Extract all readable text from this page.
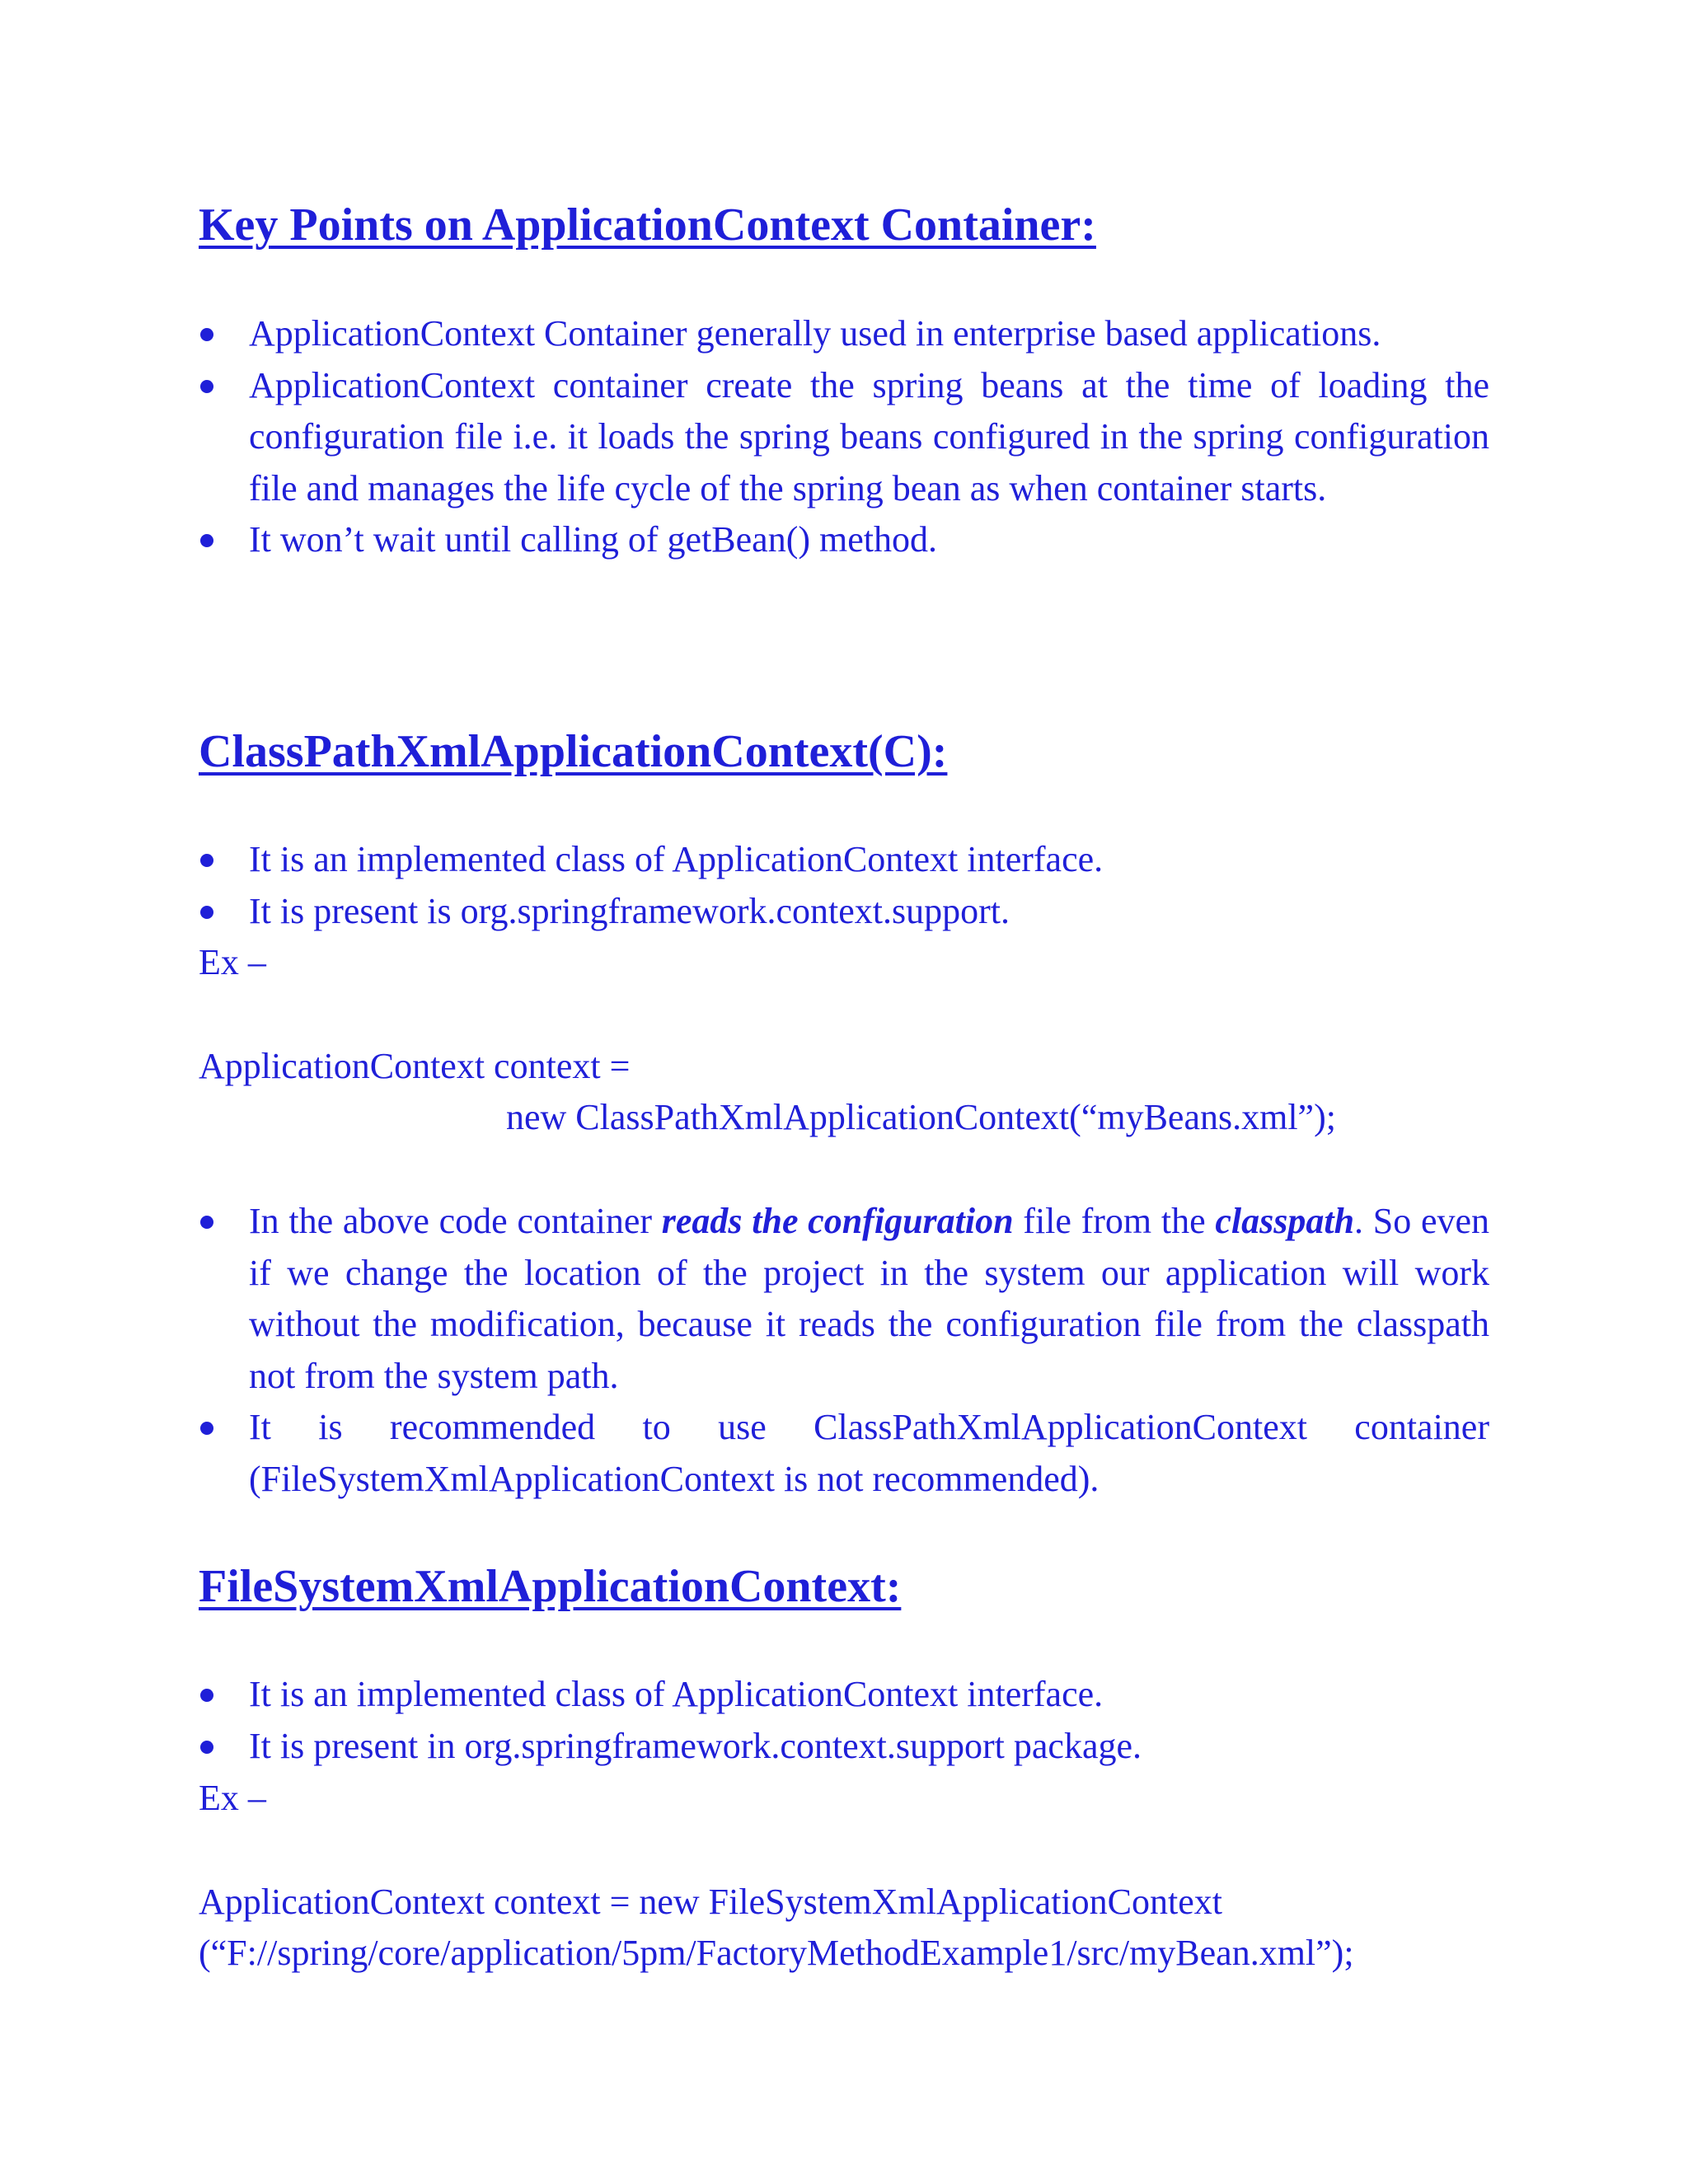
Key Points on ApplicationContext Container:
ApplicationContext Container generally used in enterprise based applications.
ApplicationContext container create the spring beans at the time of loading the configuration file i.e. it loads the spring beans configured in the spring configuration file and manages the life cycle of the spring bean as when container starts.
It won’t wait until calling of getBean() method.
ClassPathXmlApplicationContext(C):
It is an implemented class of ApplicationContext interface.
It is present is org.springframework.context.support.

Ex –

ApplicationContext context =

new ClassPathXmlApplicationContext(“myBeans.xml”);

In the above code container reads the configuration file from the classpath. So even if we change the location of the project in the system our application will work without the modification, because it reads the configuration file from the classpath not from the system path.
It is recommended to use ClassPathXmlApplicationContext container (FileSystemXmlApplicationContext is not recommended).
FileSystemXmlApplicationContext:
It is an implemented class of ApplicationContext interface.
It is present in org.springframework.context.support package.

Ex –

ApplicationContext context = new FileSystemXmlApplicationContext

(“F://spring/core/application/5pm/FactoryMethodExample1/src/myBean.xml”);
